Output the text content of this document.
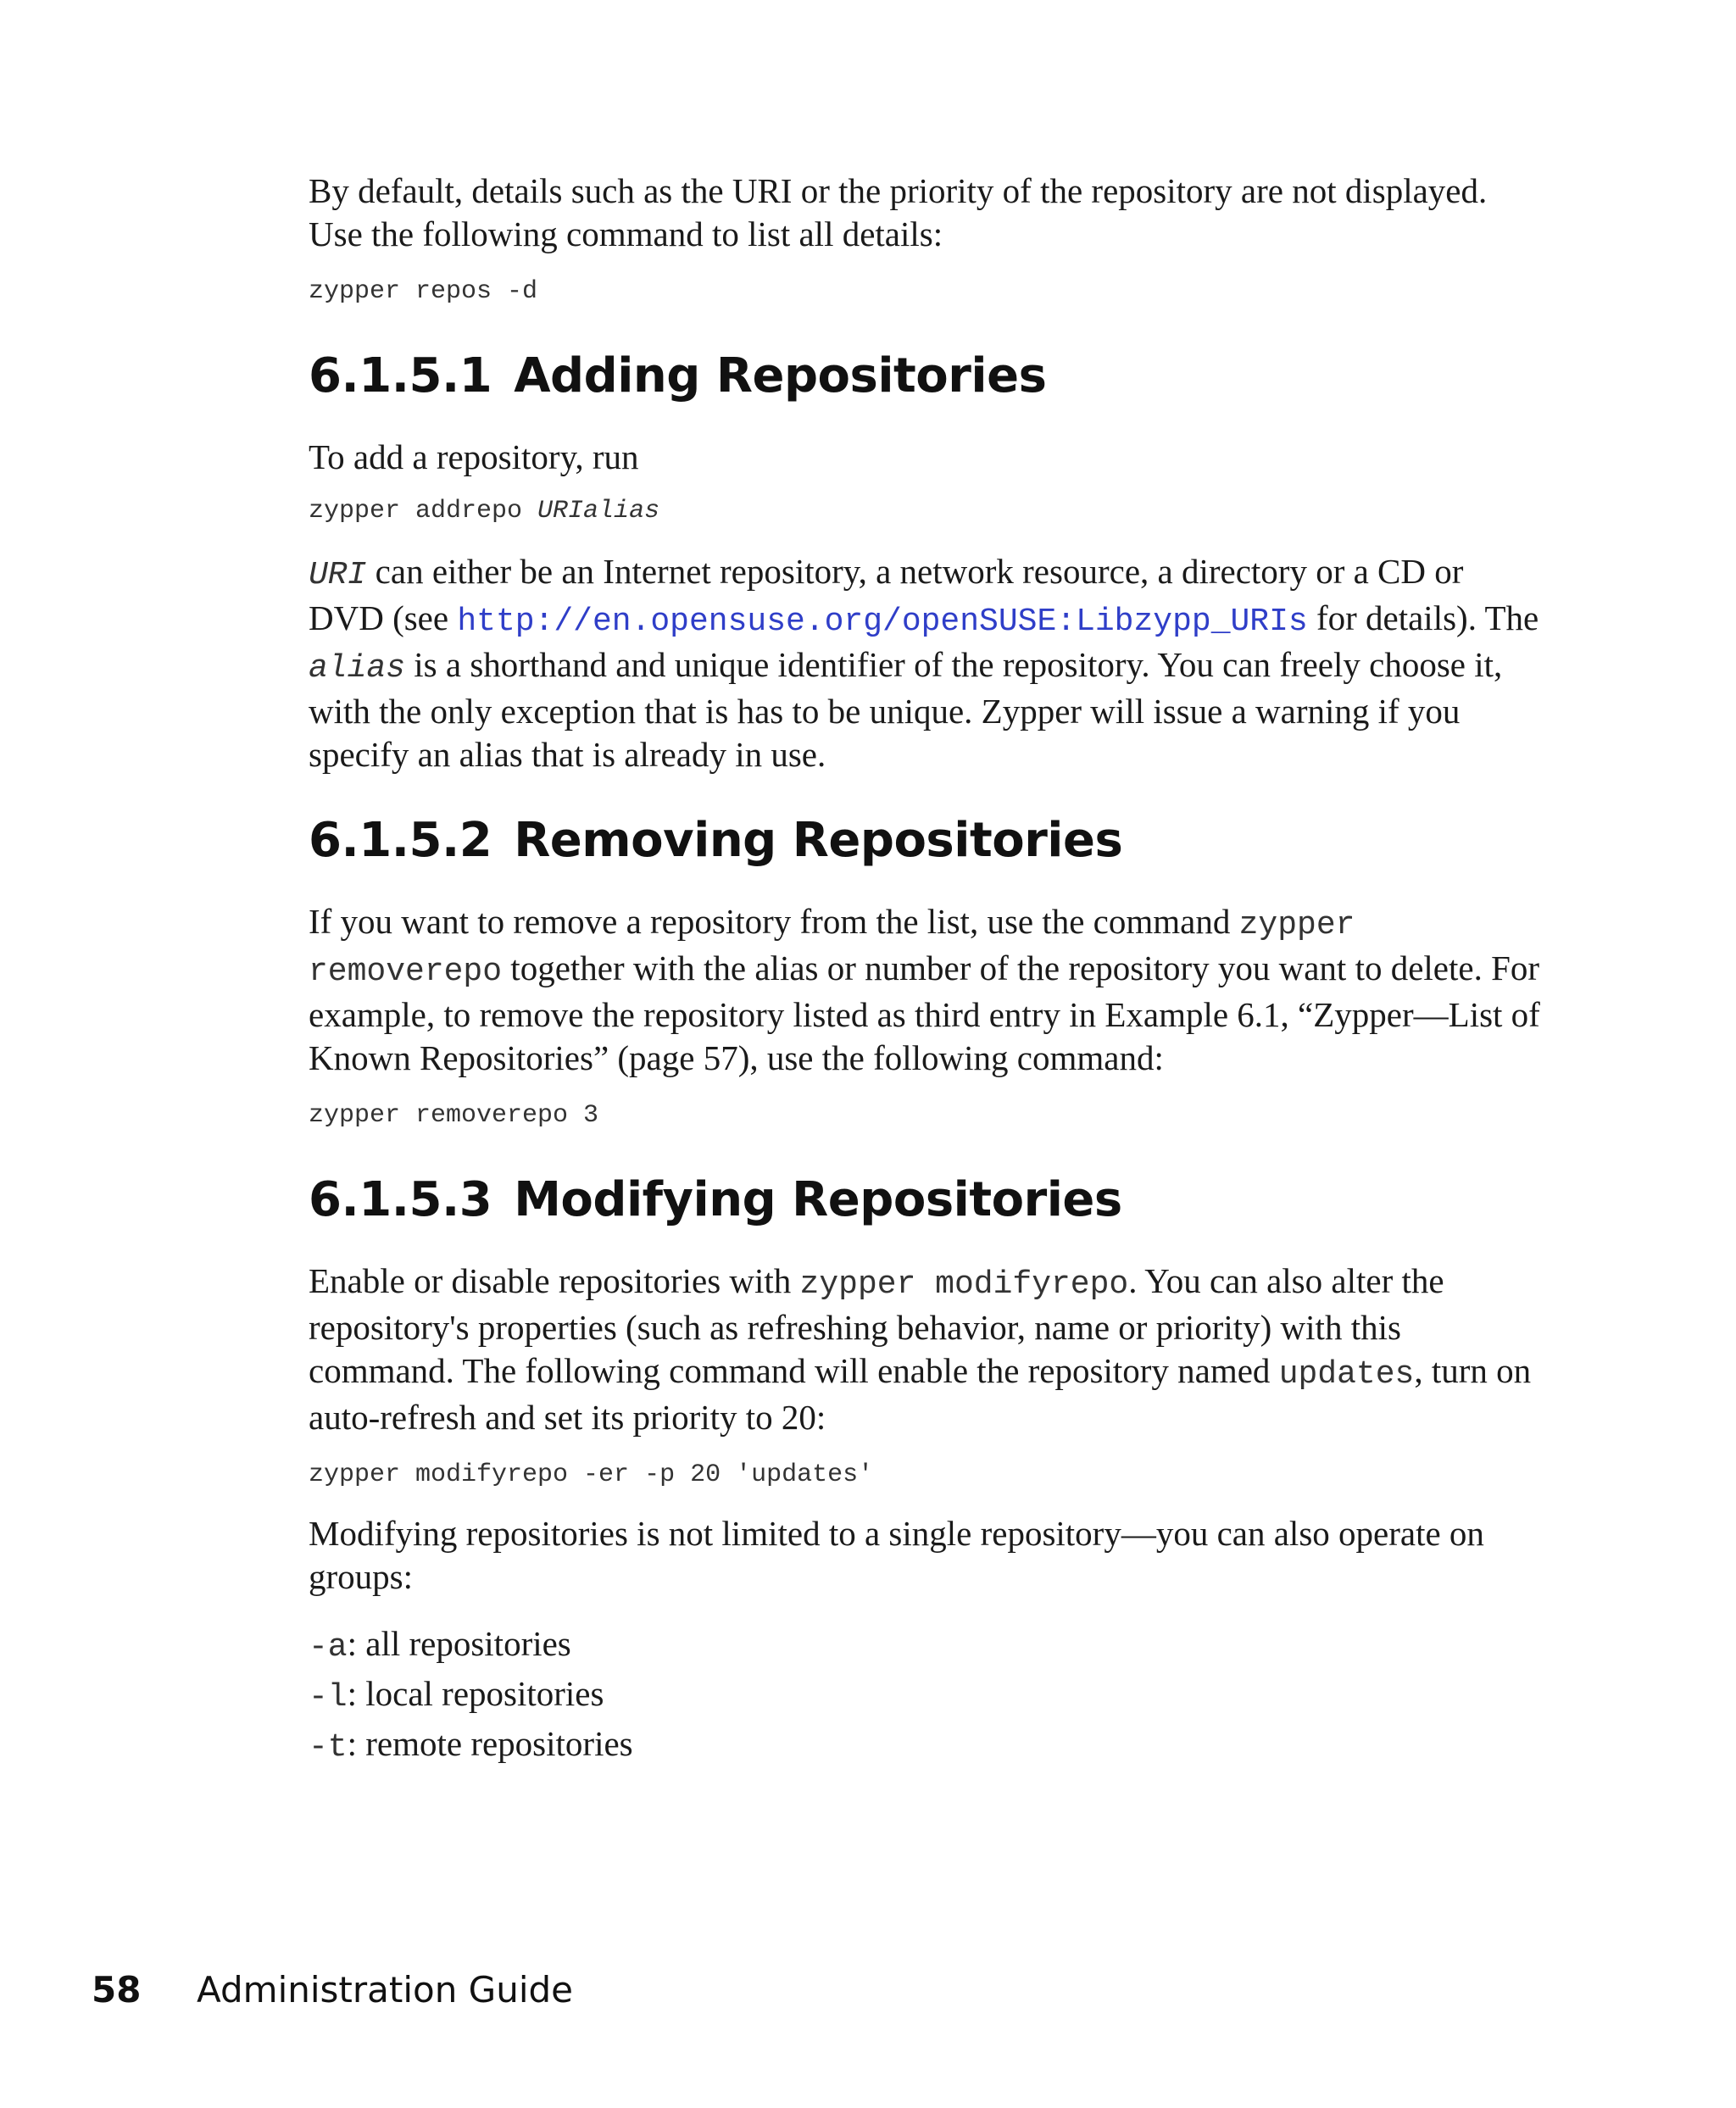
By default, details such as the URI or the priority of the repository are not displayed. Use the following command to list all details:

zypper repos -d

6.1.5.1 Adding Repositories

To add a repository, run

zypper addrepo URIalias

URI can either be an Internet repository, a network resource, a directory or a CD or DVD (see http://en.opensuse.org/openSUSE:Libzypp_URIs for details). The alias is a shorthand and unique identifier of the repository. You can freely choose it, with the only exception that is has to be unique. Zypper will issue a warning if you specify an alias that is already in use.

6.1.5.2 Removing Repositories

If you want to remove a repository from the list, use the command zypper removerepo together with the alias or number of the repository you want to delete. For example, to remove the repository listed as third entry in Example 6.1, “Zypper—List of Known Repositories” (page 57), use the following command:

zypper removerepo 3

6.1.5.3 Modifying Repositories

Enable or disable repositories with zypper modifyrepo. You can also alter the repository's properties (such as refreshing behavior, name or priority) with this command. The following command will enable the repository named updates, turn on auto-refresh and set its priority to 20:

zypper modifyrepo -er -p 20 'updates'

Modifying repositories is not limited to a single repository—you can also operate on groups:

-a: all repositories

-l: local repositories

-t: remote repositories

58	Administration Guide
